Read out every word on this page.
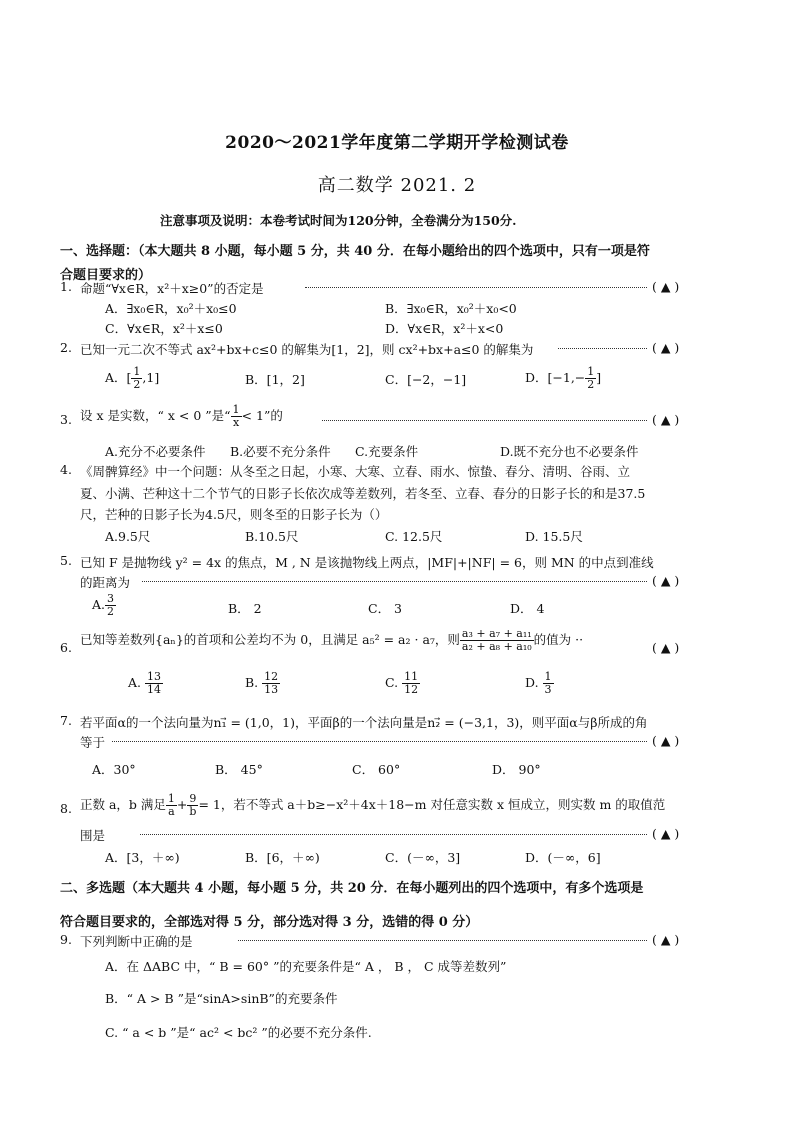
2020～2021学年度第二学期开学检测试卷
高二数学 2021. 2
注意事项及说明：本卷考试时间为120分钟，全卷满分为150分.
一、选择题：（本大题共 8 小题，每小题 5 分，共 40 分．在每小题给出的四个选项中，只有一项是符
合题目要求的）
1. 命题“∀x∈R，x²＋x≥0”的否定是	( ▲ )
A．∃x₀∈R，x₀²＋x₀≤0	B．∃x₀∈R，x₀²＋x₀<0
C．∀x∈R，x²＋x≤0	D．∀x∈R，x²＋x<0
2. 已知一元二次不等式 ax²+bx+c≤0 的解集为[1，2]，则 cx²+bx+a≤0 的解集为	( ▲ )
A．[ $\frac{1}{2} ,1$]	B．[1，2]	C．[−2，−1]	D．[$-1,- \frac{1}{2}$ ]
3. 设 x 是实数，“ x < 0 ”是“ $\frac{1}{x} < 1$”的	( ▲ )
A.充分不必要条件 B.必要不充分条件 C.充要条件	D.既不充分也不必要条件
4. 《周髀算经》中一个问题：从冬至之日起，小寒、大寒、立春、雨水、惊蛰、春分、清明、谷雨、立
夏、小满、芒种这十二个节气的日影子长依次成等差数列，若冬至、立春、春分的日影子长的和是37.5
尺，芒种的日影子长为4.5尺，则冬至的日影子长为（）
A.9.5尺	B.10.5尺	C. 12.5尺	D. 15.5尺
5. 已知 F 是抛物线 y² = 4x 的焦点，M , N 是该抛物线上两点，|MF|+|NF| = 6，则 MN 的中点到准线
的距离为	( ▲ )
A. $\frac{3}{2}$	B． 2	C． 3	D． 4
6.
已知等差数列{aₙ}的首项和公差均不为 0，且满足 a₅² = a₂ · a₇，则 $\frac{\text{a₃ + a₇ + a₁₁}}{\text{a₂ + a₈ + a₁₀}}$ 的值为 ··
( ▲ )
A. $\frac{13}{14}$	B. $\frac{12}{13}$	C. $\frac{11}{12}$	D. $\frac{1}{3}$
7. 若平面α的一个法向量为n₁⃗ = (1,0，1)，平面β的一个法向量是n₂⃗ = (−3,1，3)，则平面α与β所成的角
等于	( ▲ )
A．30°	B． 45°	C． 60°	D． 90°
8. 正数 a，b 满足 $\frac{1}{a} + \frac{9}{b} = 1$，若不等式 a＋b≥−x²＋4x＋18−m 对任意实数 x 恒成立，则实数 m 的取值范
围是	( ▲ )
A．[3，＋∞)	B．[6，＋∞)	C．(－∞，3]	D．(－∞，6]
二、多选题（本大题共 4 小题，每小题 5 分，共 20 分．在每小题列出的四个选项中，有多个选项是
符合题目要求的，全部选对得 5 分，部分选对得 3 分，选错的得 0 分）
9. 下列判断中正确的是	( ▲ )
A．在 ΔABC 中，“ B = 60° ”的充要条件是“ A ， B ， C 成等差数列”
B．“ A > B ”是“sinA>sinB”的充要条件
C. “ a < b ”是“ ac² < bc² ”的必要不充分条件.
